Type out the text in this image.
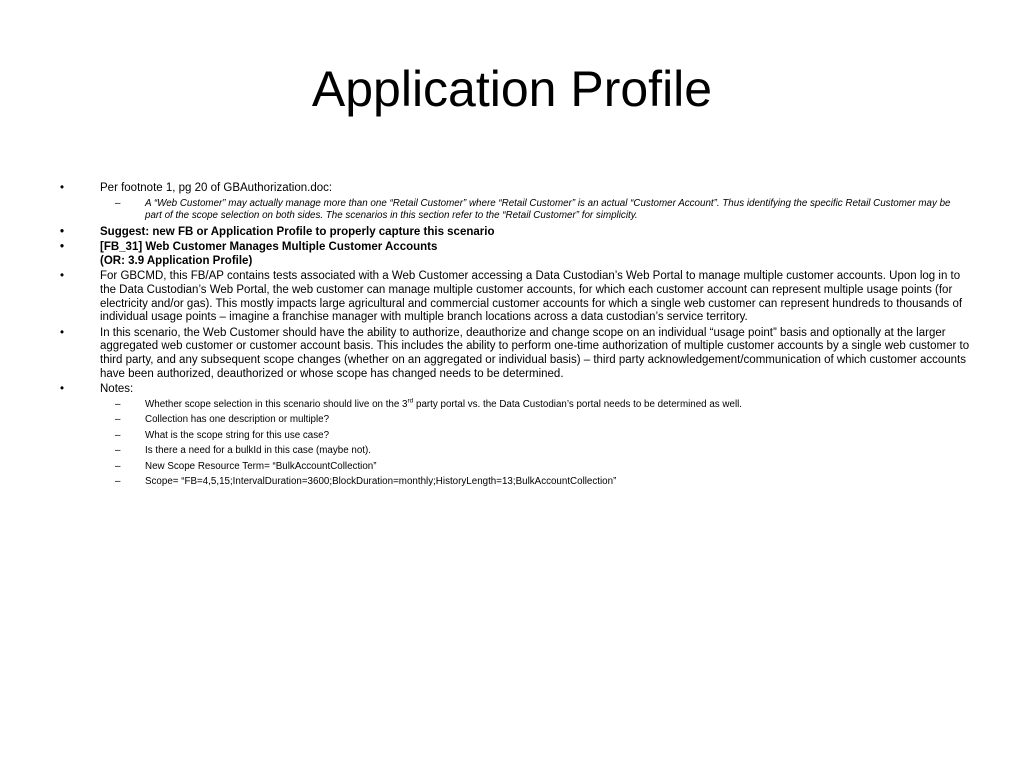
Application Profile
•	Per footnote 1, pg 20 of GBAuthorization.doc:
–	A “Web Customer” may actually manage more than one “Retail Customer” where “Retail Customer” is an actual “Customer Account”. Thus identifying the specific Retail Customer may be part of the scope selection on both sides. The scenarios in this section refer to the “Retail Customer” for simplicity.
•	Suggest: new FB or Application Profile to properly capture this scenario
•	[FB_31] Web Customer Manages Multiple Customer Accounts
(OR: 3.9 Application Profile)
•	For GBCMD, this FB/AP contains tests associated with a Web Customer accessing a Data Custodian’s Web Portal to manage multiple customer accounts. Upon log in to the Data Custodian’s Web Portal, the web customer can manage multiple customer accounts, for which each customer account can represent multiple usage points (for electricity and/or gas). This mostly impacts large agricultural and commercial customer accounts for which a single web customer can represent hundreds to thousands of individual usage points – imagine a franchise manager with multiple branch locations across a data custodian’s service territory.
•	In this scenario, the Web Customer should have the ability to authorize, deauthorize and change scope on an individual “usage point” basis and optionally at the larger aggregated web customer or customer account basis. This includes the ability to perform one-time authorization of multiple customer accounts by a single web customer to third party, and any subsequent scope changes (whether on an aggregated or individual basis) – third party acknowledgement/communication of which customer accounts have been authorized, deauthorized or whose scope has changed needs to be determined.
•	Notes:
–	Whether scope selection in this scenario should live on the 3rd party portal vs. the Data Custodian’s portal needs to be determined as well.
–	Collection has one description or multiple?
–	What is the scope string for this use case?
–	Is there a need for a bulkId in this case (maybe not).
–	New Scope Resource Term= “BulkAccountCollection”
–	Scope= “FB=4,5,15;IntervalDuration=3600;BlockDuration=monthly;HistoryLength=13;BulkAccountCollection”
